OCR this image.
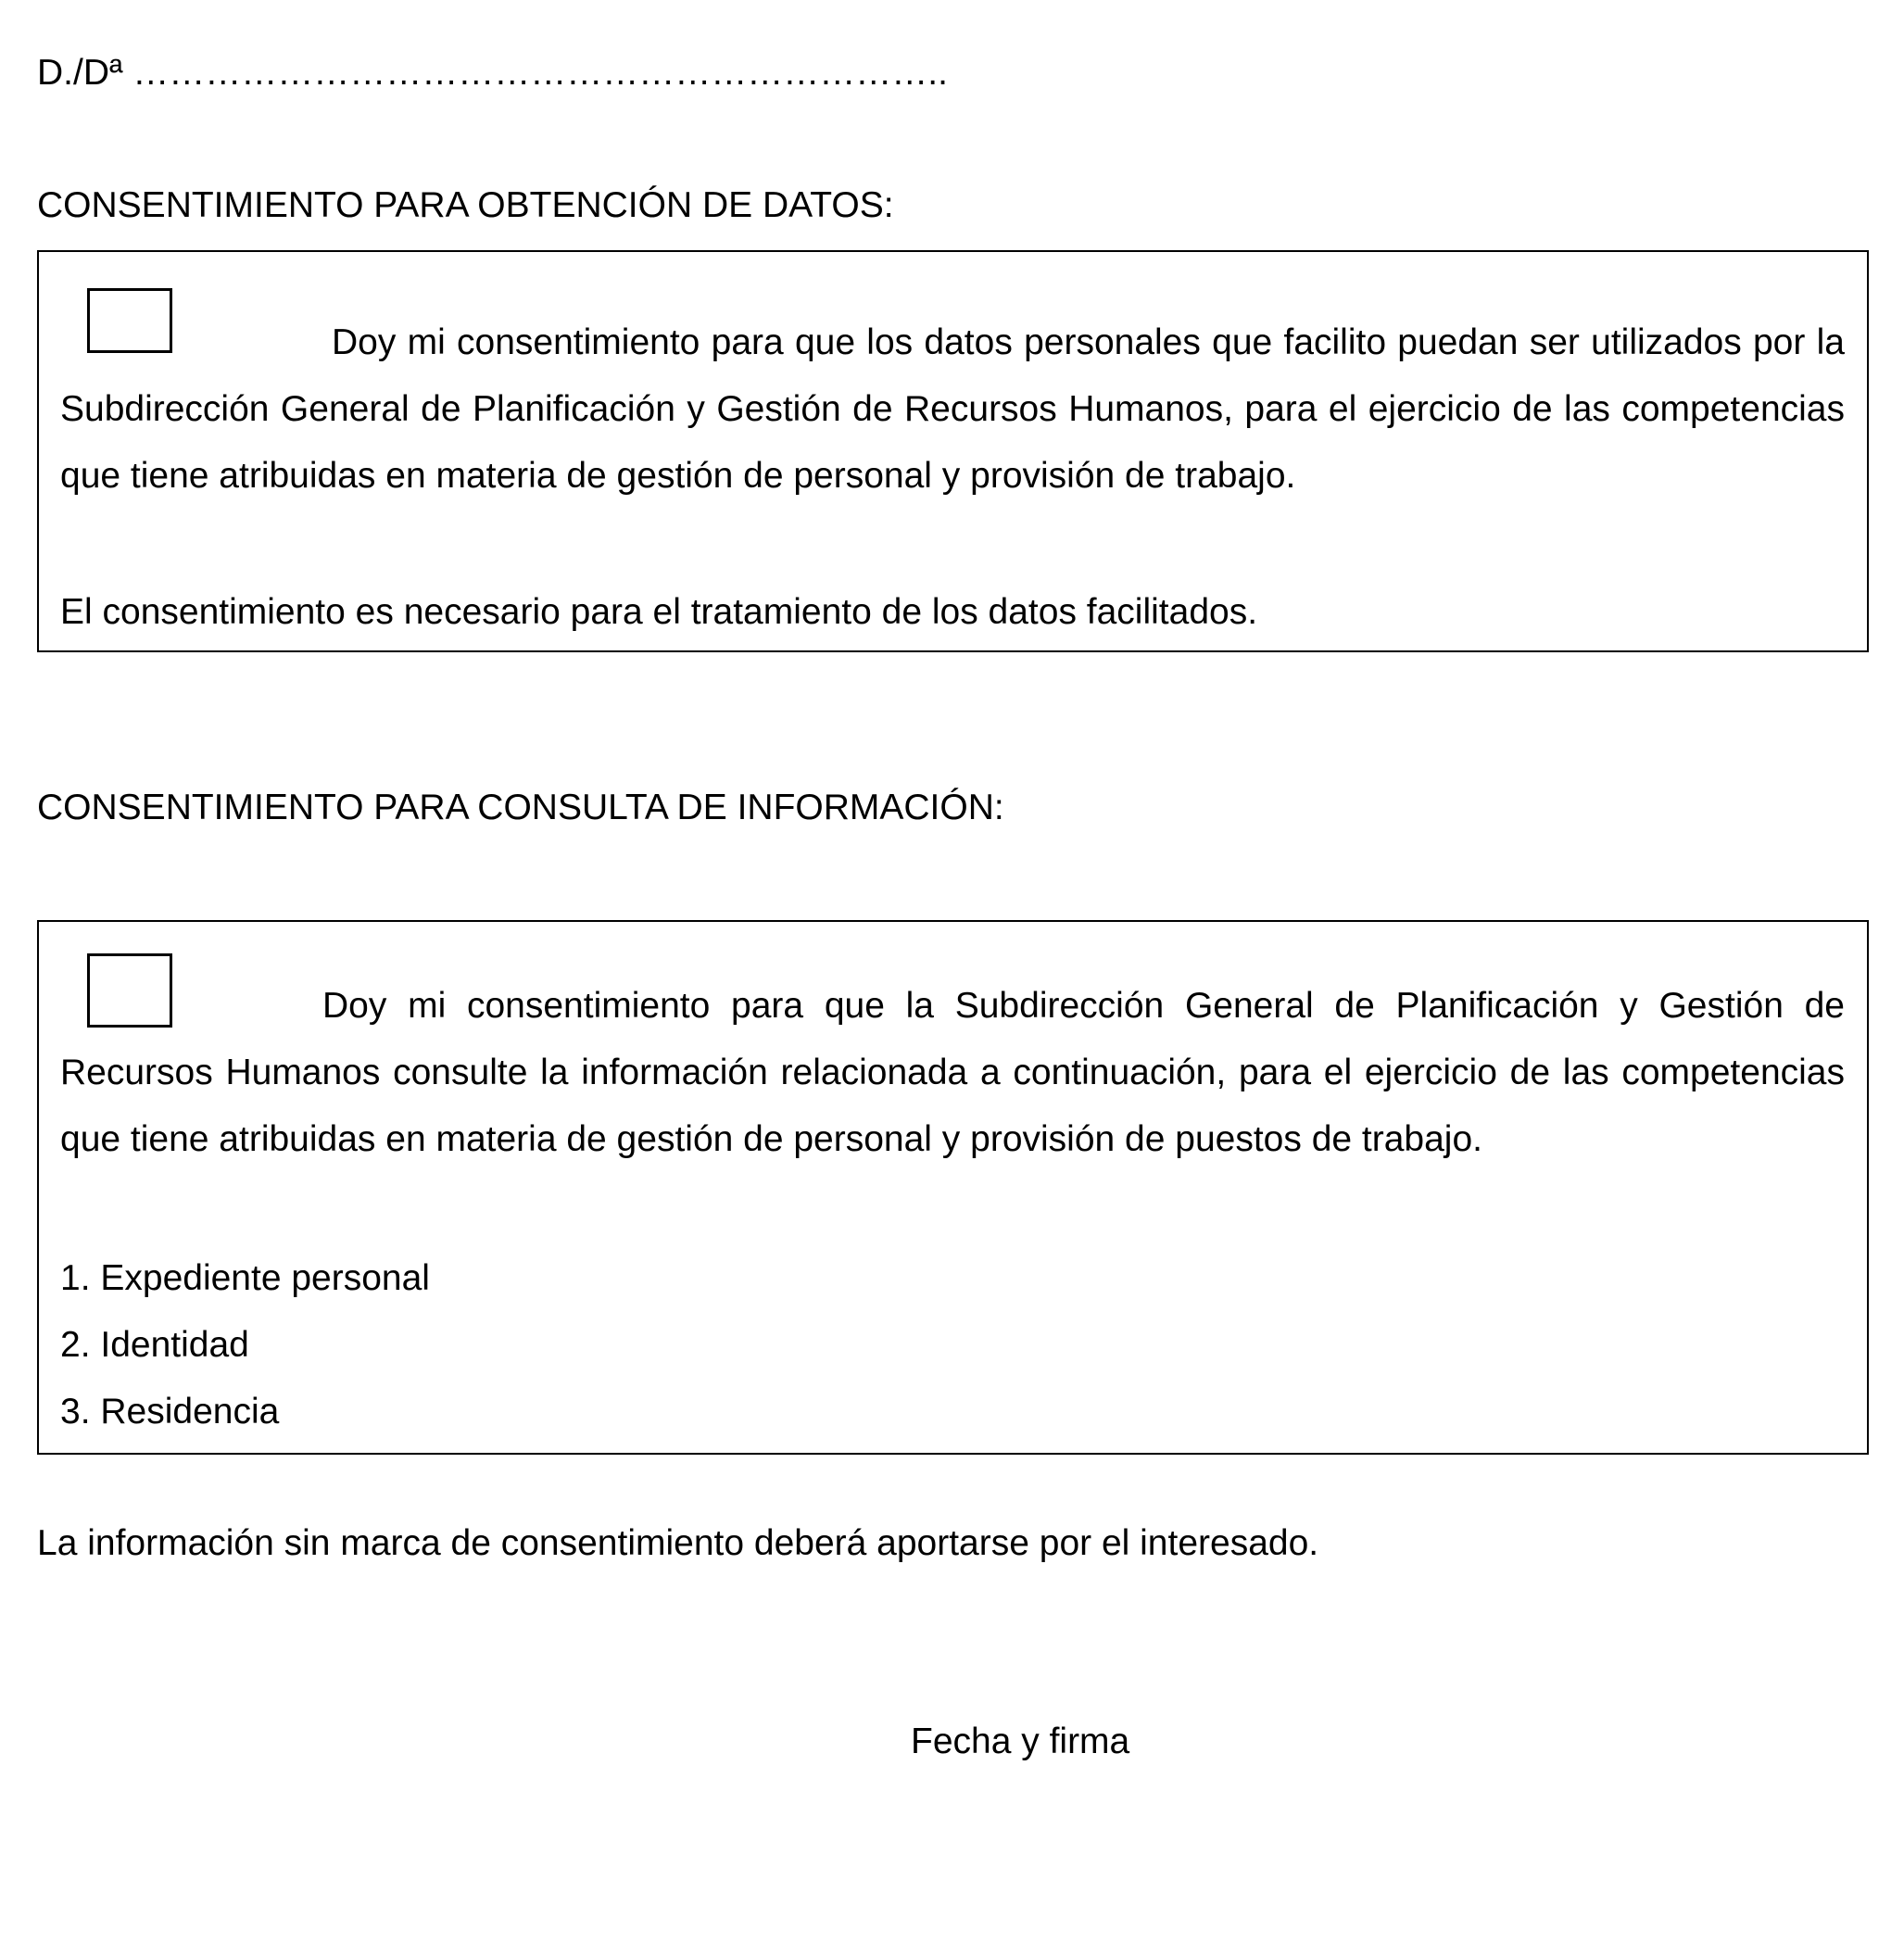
D./Dª …………………………………………………………..
CONSENTIMIENTO PARA OBTENCIÓN DE DATOS:
Doy mi consentimiento para que los datos personales que facilito puedan ser utilizados por la Subdirección General de Planificación y Gestión de Recursos Humanos, para el ejercicio de las competencias que tiene atribuidas en materia de gestión de personal y provisión de trabajo.
El consentimiento es necesario para el tratamiento de los datos facilitados.
CONSENTIMIENTO PARA CONSULTA DE INFORMACIÓN:
Doy mi consentimiento para que la Subdirección General de Planificación y Gestión de Recursos Humanos consulte la información relacionada a continuación, para el ejercicio de las competencias que tiene atribuidas en materia de gestión de personal y provisión de puestos de trabajo.
1. Expediente personal
2. Identidad
3. Residencia
La información sin marca de consentimiento deberá aportarse por el interesado.
Fecha y firma
